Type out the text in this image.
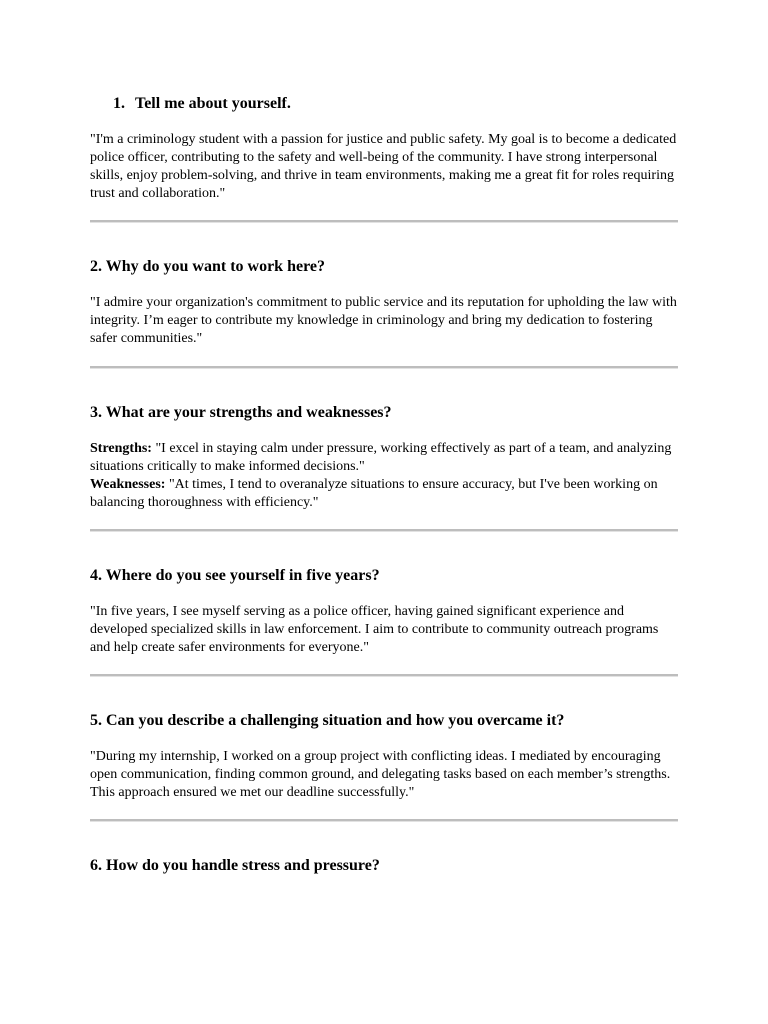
1. Tell me about yourself.

"I'm a criminology student with a passion for justice and public safety. My goal is to become a dedicated police officer, contributing to the safety and well-being of the community. I have strong interpersonal skills, enjoy problem-solving, and thrive in team environments, making me a great fit for roles requiring trust and collaboration."

2. Why do you want to work here?

"I admire your organization's commitment to public service and its reputation for upholding the law with integrity. I’m eager to contribute my knowledge in criminology and bring my dedication to fostering safer communities."

3. What are your strengths and weaknesses?

Strengths: "I excel in staying calm under pressure, working effectively as part of a team, and analyzing situations critically to make informed decisions."
Weaknesses: "At times, I tend to overanalyze situations to ensure accuracy, but I've been working on balancing thoroughness with efficiency."

4. Where do you see yourself in five years?

"In five years, I see myself serving as a police officer, having gained significant experience and developed specialized skills in law enforcement. I aim to contribute to community outreach programs and help create safer environments for everyone."

5. Can you describe a challenging situation and how you overcame it?

"During my internship, I worked on a group project with conflicting ideas. I mediated by encouraging open communication, finding common ground, and delegating tasks based on each member’s strengths. This approach ensured we met our deadline successfully."

6. How do you handle stress and pressure?
